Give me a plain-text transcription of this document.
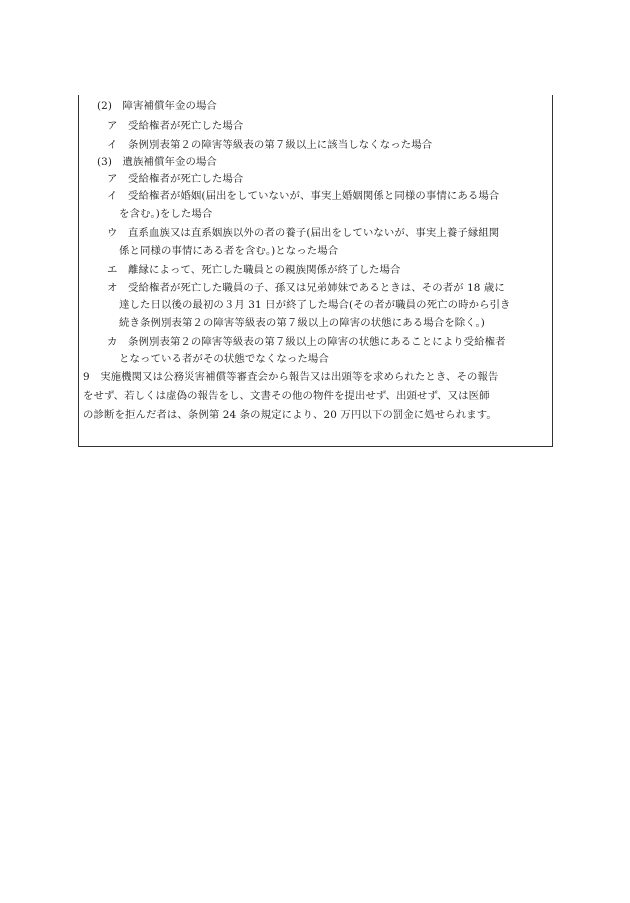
(2)　障害補償年金の場合
ア　受給権者が死亡した場合
イ　条例別表第２の障害等級表の第７級以上に該当しなくなった場合
(3)　遺族補償年金の場合
ア　受給権者が死亡した場合
イ　受給権者が婚姻(届出をしていないが、事実上婚姻関係と同様の事情にある場合
を含む。)をした場合
ウ　直系血族又は直系姻族以外の者の養子(届出をしていないが、事実上養子縁組関
係と同様の事情にある者を含む。)となった場合
エ　離縁によって、死亡した職員との親族関係が終了した場合
オ　受給権者が死亡した職員の子、孫又は兄弟姉妹であるときは、その者が 18 歳に
達した日以後の最初の３月 31 日が終了した場合(その者が職員の死亡の時から引き
続き条例別表第２の障害等級表の第７級以上の障害の状態にある場合を除く。)
カ　条例別表第２の障害等級表の第７級以上の障害の状態にあることにより受給権者
となっている者がその状態でなくなった場合
9　実施機関又は公務災害補償等審査会から報告又は出頭等を求められたとき、その報告
をせず、若しくは虚偽の報告をし、文書その他の物件を提出せず、出頭せず、又は医師
の診断を拒んだ者は、条例第 24 条の規定により、20 万円以下の罰金に処せられます。
